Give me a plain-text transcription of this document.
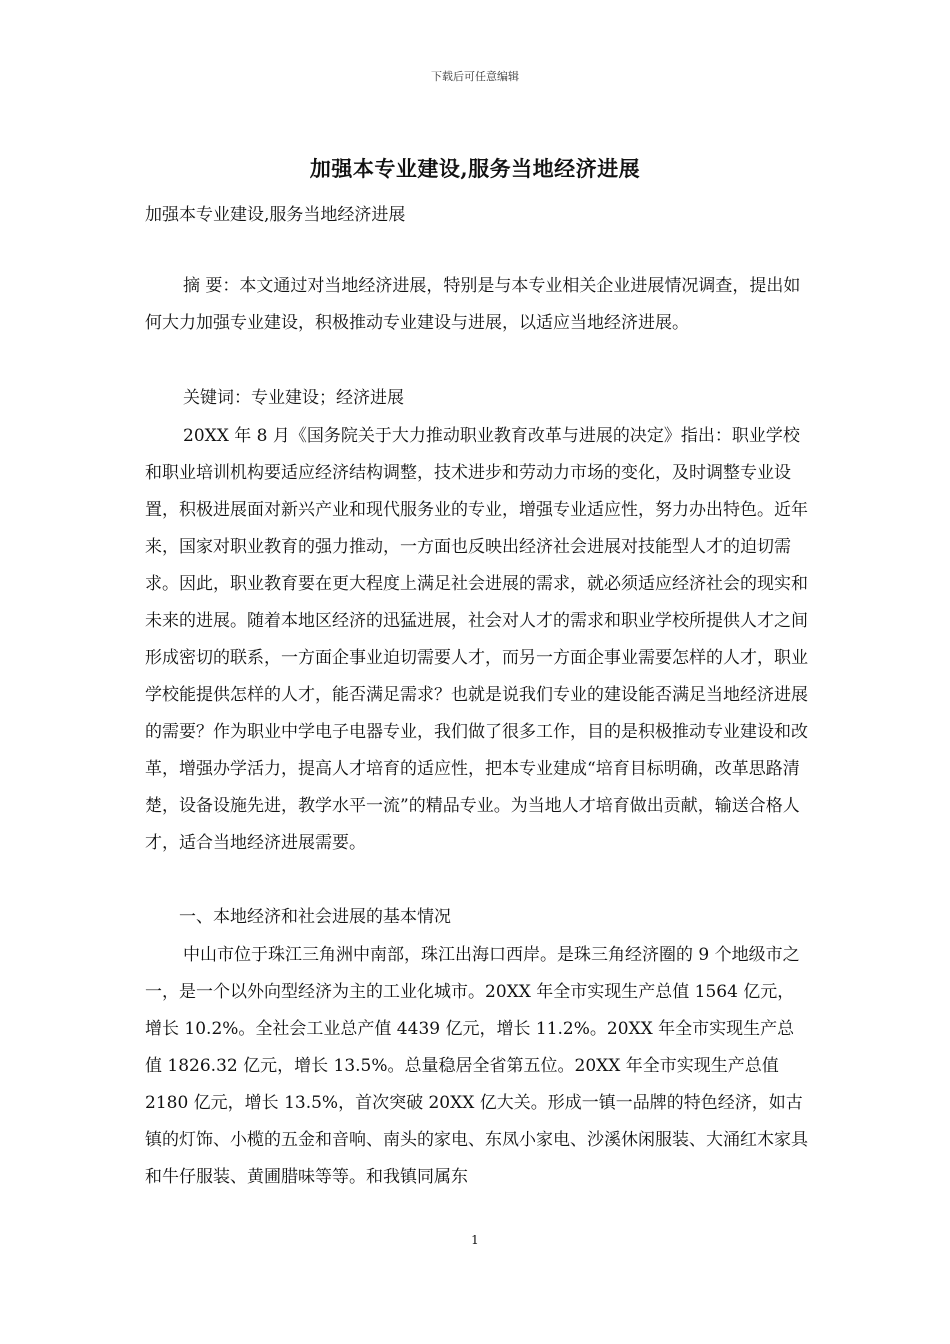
下载后可任意编辑
加强本专业建设,服务当地经济进展
加强本专业建设,服务当地经济进展

摘 要：本文通过对当地经济进展，特别是与本专业相关企业进展情况调查，提出如何大力加强专业建设，积极推动专业建设与进展，以适应当地经济进展。

关键词：专业建设；经济进展

20XX 年 8 月《国务院关于大力推动职业教育改革与进展的决定》指出：职业学校和职业培训机构要适应经济结构调整，技术进步和劳动力市场的变化，及时调整专业设置，积极进展面对新兴产业和现代服务业的专业，增强专业适应性，努力办出特色。近年来，国家对职业教育的强力推动，一方面也反映出经济社会进展对技能型人才的迫切需求。因此，职业教育要在更大程度上满足社会进展的需求，就必须适应经济社会的现实和未来的进展。随着本地区经济的迅猛进展，社会对人才的需求和职业学校所提供人才之间形成密切的联系，一方面企事业迫切需要人才，而另一方面企事业需要怎样的人才，职业学校能提供怎样的人才，能否满足需求？也就是说我们专业的建设能否满足当地经济进展的需要？作为职业中学电子电器专业，我们做了很多工作，目的是积极推动专业建设和改革，增强办学活力，提高人才培育的适应性，把本专业建成“培育目标明确，改革思路清楚，设备设施先进，教学水平一流”的精品专业。为当地人才培育做出贡献，输送合格人才，适合当地经济进展需要。

一、本地经济和社会进展的基本情况

中山市位于珠江三角洲中南部，珠江出海口西岸。是珠三角经济圈的 9 个地级市之一，是一个以外向型经济为主的工业化城市。20XX 年全市实现生产总值 1564 亿元，增长 10.2%。全社会工业总产值 4439 亿元，增长 11.2%。20XX 年全市实现生产总值 1826.32 亿元，增长 13.5%。总量稳居全省第五位。20XX 年全市实现生产总值 2180 亿元，增长 13.5%，首次突破 20XX 亿大关。形成一镇一品牌的特色经济，如古镇的灯饰、小榄的五金和音响、南头的家电、东凤小家电、沙溪休闲服装、大涌红木家具和牛仔服装、黄圃腊味等等。和我镇同属东

1
